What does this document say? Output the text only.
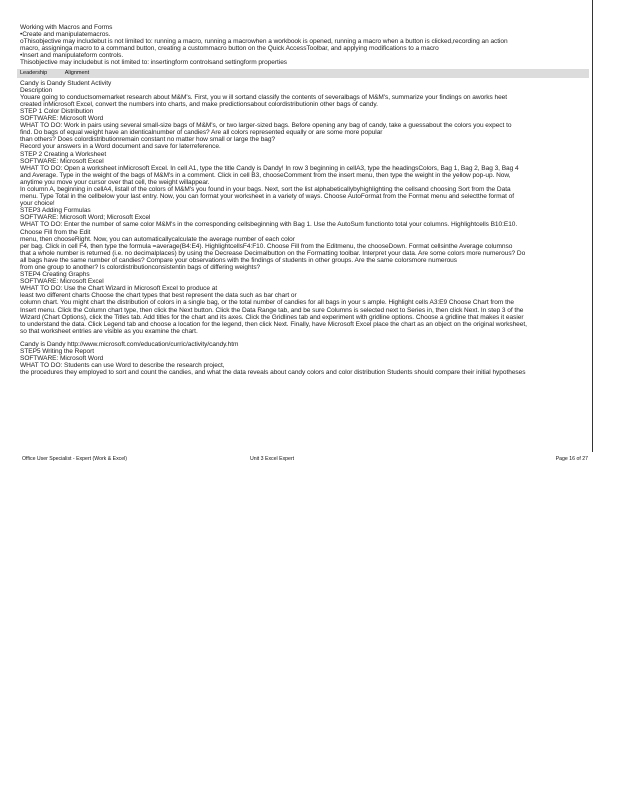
Working with Macros and Forms

•Create and manipulatemacros.

oThisobjective may includebut is not limited to: running a macro, running a macrowhen a workbook is opened, running a macro when a button is clicked,recording an action

macro, assigninga macro to a command button, creating a custommacro button on the Quick AccessToolbar, and applying modifications to a macro

•Insert and manipulateform controls.

Thisobjective may includebut is not limited to: insertingform controlsand settingform properties

Leadership	Alignment

Candy is Dandy Student Activity

Description

Youare going to conductsomemarket research about M&M's. First, you w ill sortand classify the contents of severalbags of M&M's, summarize your findings on aworks heet

created inMicrosoft Excel, convert the numbers into charts, and make predictionsabout colordistributionin other bags of candy.

STEP 1 Color Distribution

SOFTWARE: Microsoft Word

WHAT TO DO: Work in pairs using several small-size bags of M&M's, or two larger-sized bags. Before opening any bag of candy, take a guessabout the colors you expect to

find. Do bags of equal weight have an identicalnumber of candies? Are all colors represented equally or are some more popular

than others? Does colordistributionremain constant no matter how small or large the bag?

Record your answers in a Word document and save for laterreference.

STEP 2 Creating a Worksheet

SOFTWARE: Microsoft Excel

WHAT TO DO: Open a worksheet inMicrosoft Excel. In cell A1, type the title Candy is Dandy! In row 3 beginning in cellA3, type the headingsColors, Bag 1, Bag 2, Bag 3, Bag 4

and Average. Type in the weight of the bags of M&M's in a comment. Click in cell B3, chooseComment from the insert menu, then type the weight in the yellow pop-up. Now,

anytime you move your cursor over that cell, the weight willappear.

In column A, beginning in cellA4, listall of the colors of M&M's you found in your bags. Next, sort the list alphabeticallybyhighlighting the cellsand choosing Sort from the Data

menu. Type Total in the cellbelow your last entry. Now, you can format your worksheet in a variety of ways. Choose AutoFormat from the Format menu and selectthe format of

your choice!

STEP3 Adding Formulas

SOFTWARE: Microsoft Word; Microsoft Excel

WHAT TO DO: Enter the number of same color M&M's in the corresponding cellsbeginning with Bag 1. Use the AutoSum functionto total your columns. Highlightcells B10:E10.

Choose Fill from the Edit

menu, then chooseRight. Now, you can automaticallycalculate the average number of each color

per bag. Click in cell F4, then type the formula =average(B4:E4). HighlightcellsF4:F10. Choose Fill from the Editmenu, the chooseDown. Format cellsinthe Average columnso

that a whole number is returned (i.e. no decimalplaces) by using the Decrease Decimalbutton on the Formatting toolbar. Interpret your data. Are some colors more numerous? Do

all bags have the same number of candies? Compare your observations with the findings of students in other groups. Are the same colorsmore numerous

from one group to another? Is colordistributionconsistentin bags of differing weights?

STEP4 Creating Graphs

SOFTWARE: Microsoft Excel

WHAT TO DO: Use the Chart Wizard in Microsoft Excel to produce at

least two different charts Choose the chart types that best represent the data such as bar chart or

column chart. You might chart the distribution of colors in a single bag, or the total number of candies for all bags in your s ample. Highlight cells A3:E9 Choose Chart from the

Insert menu. Click the Column chart type, then click the Next button. Click the Data Range tab, and be sure Columns is selected next to Series in, then click Next. In step 3 of the

Wizard (Chart Options), click the Titles tab. Add titles for the chart and its axes. Click the Gridlines tab and experiment with gridline options. Choose a gridline that makes it easier

to understand the data. Click Legend tab and choose a location for the legend, then click Next. Finally, have Microsoft Excel place the chart as an object on the original worksheet,

so that worksheet entries are visible as you examine the chart.

Candy is Dandy http://www.microsoft.com/education/curric/activity/candy.htm

STEP5 Writing the Report

SOFTWARE: Microsoft Word

WHAT TO DO: Students can use Word to describe the research project,

the procedures they employed to sort and count the candies, and what the data reveals about candy colors and color distribution Students should compare their initial hypotheses

Office User Specialist - Expert (Work & Excel)	Unit 3 Excel Expert	Page 16 of 27
